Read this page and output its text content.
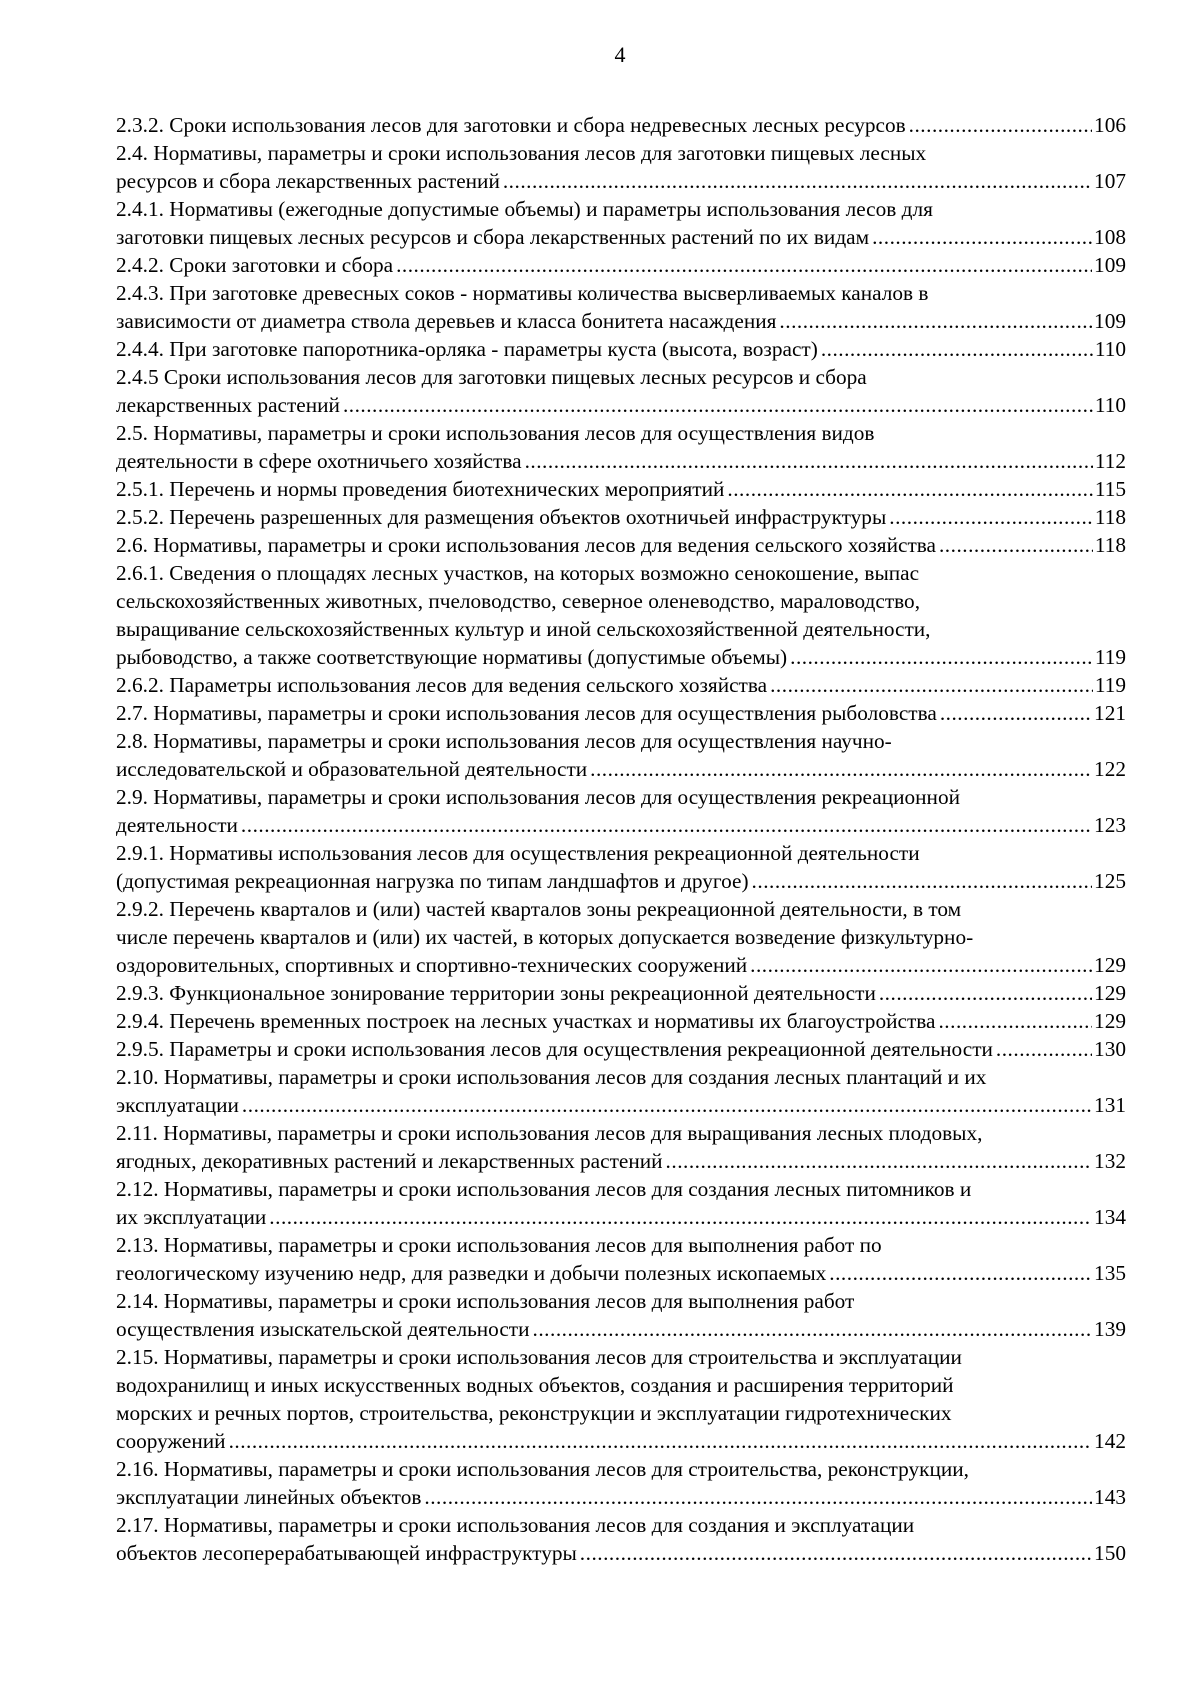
4
2.3.2. Сроки использования лесов для заготовки и сбора недревесных лесных ресурсов .....	106
2.4. Нормативы, параметры и сроки использования лесов для заготовки пищевых лесных
ресурсов и сбора лекарственных растений .....	107
2.4.1. Нормативы (ежегодные допустимые объемы) и параметры использования лесов для
заготовки пищевых лесных ресурсов и сбора лекарственных растений по их видам .....	108
2.4.2. Сроки заготовки и сбора .....	109
2.4.3. При заготовке древесных соков - нормативы количества высверливаемых каналов в
зависимости от диаметра ствола деревьев и класса бонитета насаждения .....	109
2.4.4. При заготовке папоротника-орляка - параметры куста (высота, возраст) .....	110
2.4.5 Сроки использования лесов для заготовки пищевых лесных ресурсов и сбора
лекарственных растений .....	110
2.5. Нормативы, параметры и сроки использования лесов для осуществления видов
деятельности в сфере охотничьего хозяйства .....	112
2.5.1. Перечень и нормы проведения биотехнических мероприятий .....	115
2.5.2. Перечень разрешенных для размещения объектов охотничьей инфраструктуры .....	118
2.6. Нормативы, параметры и сроки использования лесов для ведения сельского хозяйства .....	118
2.6.1. Сведения о площадях лесных участков, на которых возможно сенокошение, выпас
сельскохозяйственных животных, пчеловодство, северное оленеводство, мараловодство,
выращивание сельскохозяйственных культур и иной сельскохозяйственной деятельности,
рыбоводство, а также соответствующие нормативы (допустимые объемы) .....	119
2.6.2. Параметры использования лесов для ведения сельского хозяйства .....	119
2.7. Нормативы, параметры и сроки использования лесов для осуществления рыболовства .....	121
2.8. Нормативы, параметры и сроки использования лесов для осуществления научно-
исследовательской и образовательной деятельности .....	122
2.9. Нормативы, параметры и сроки использования лесов для осуществления рекреационной
деятельности .....	123
2.9.1. Нормативы использования лесов для осуществления рекреационной деятельности
(допустимая рекреационная нагрузка по типам ландшафтов и другое) .....	125
2.9.2. Перечень кварталов и (или) частей кварталов зоны рекреационной деятельности, в том
числе перечень кварталов и (или) их частей, в которых допускается возведение физкультурно-
оздоровительных, спортивных и спортивно-технических сооружений .....	129
2.9.3. Функциональное зонирование территории зоны рекреационной деятельности .....	129
2.9.4. Перечень временных построек на лесных участках и нормативы их благоустройства .....	129
2.9.5. Параметры и сроки использования лесов для осуществления рекреационной деятельности .....	130
2.10. Нормативы, параметры и сроки использования лесов для создания лесных плантаций и их
эксплуатации .....	131
2.11. Нормативы, параметры и сроки использования лесов для выращивания лесных плодовых,
ягодных, декоративных растений и лекарственных растений .....	132
2.12. Нормативы, параметры и сроки использования лесов для создания лесных питомников и
их эксплуатации .....	134
2.13. Нормативы, параметры и сроки использования лесов для выполнения работ по
геологическому изучению недр, для разведки и добычи полезных ископаемых .....	135
2.14. Нормативы, параметры и сроки использования лесов для выполнения работ
осуществления изыскательской деятельности .....	139
2.15. Нормативы, параметры и сроки использования лесов для строительства и эксплуатации
водохранилищ и иных искусственных водных объектов, создания и расширения территорий
морских и речных портов, строительства, реконструкции и эксплуатации гидротехнических
сооружений .....	142
2.16. Нормативы, параметры и сроки использования лесов для строительства, реконструкции,
эксплуатации линейных объектов .....	143
2.17. Нормативы, параметры и сроки использования лесов для создания и эксплуатации
объектов лесоперерабатывающей инфраструктуры .....	150
